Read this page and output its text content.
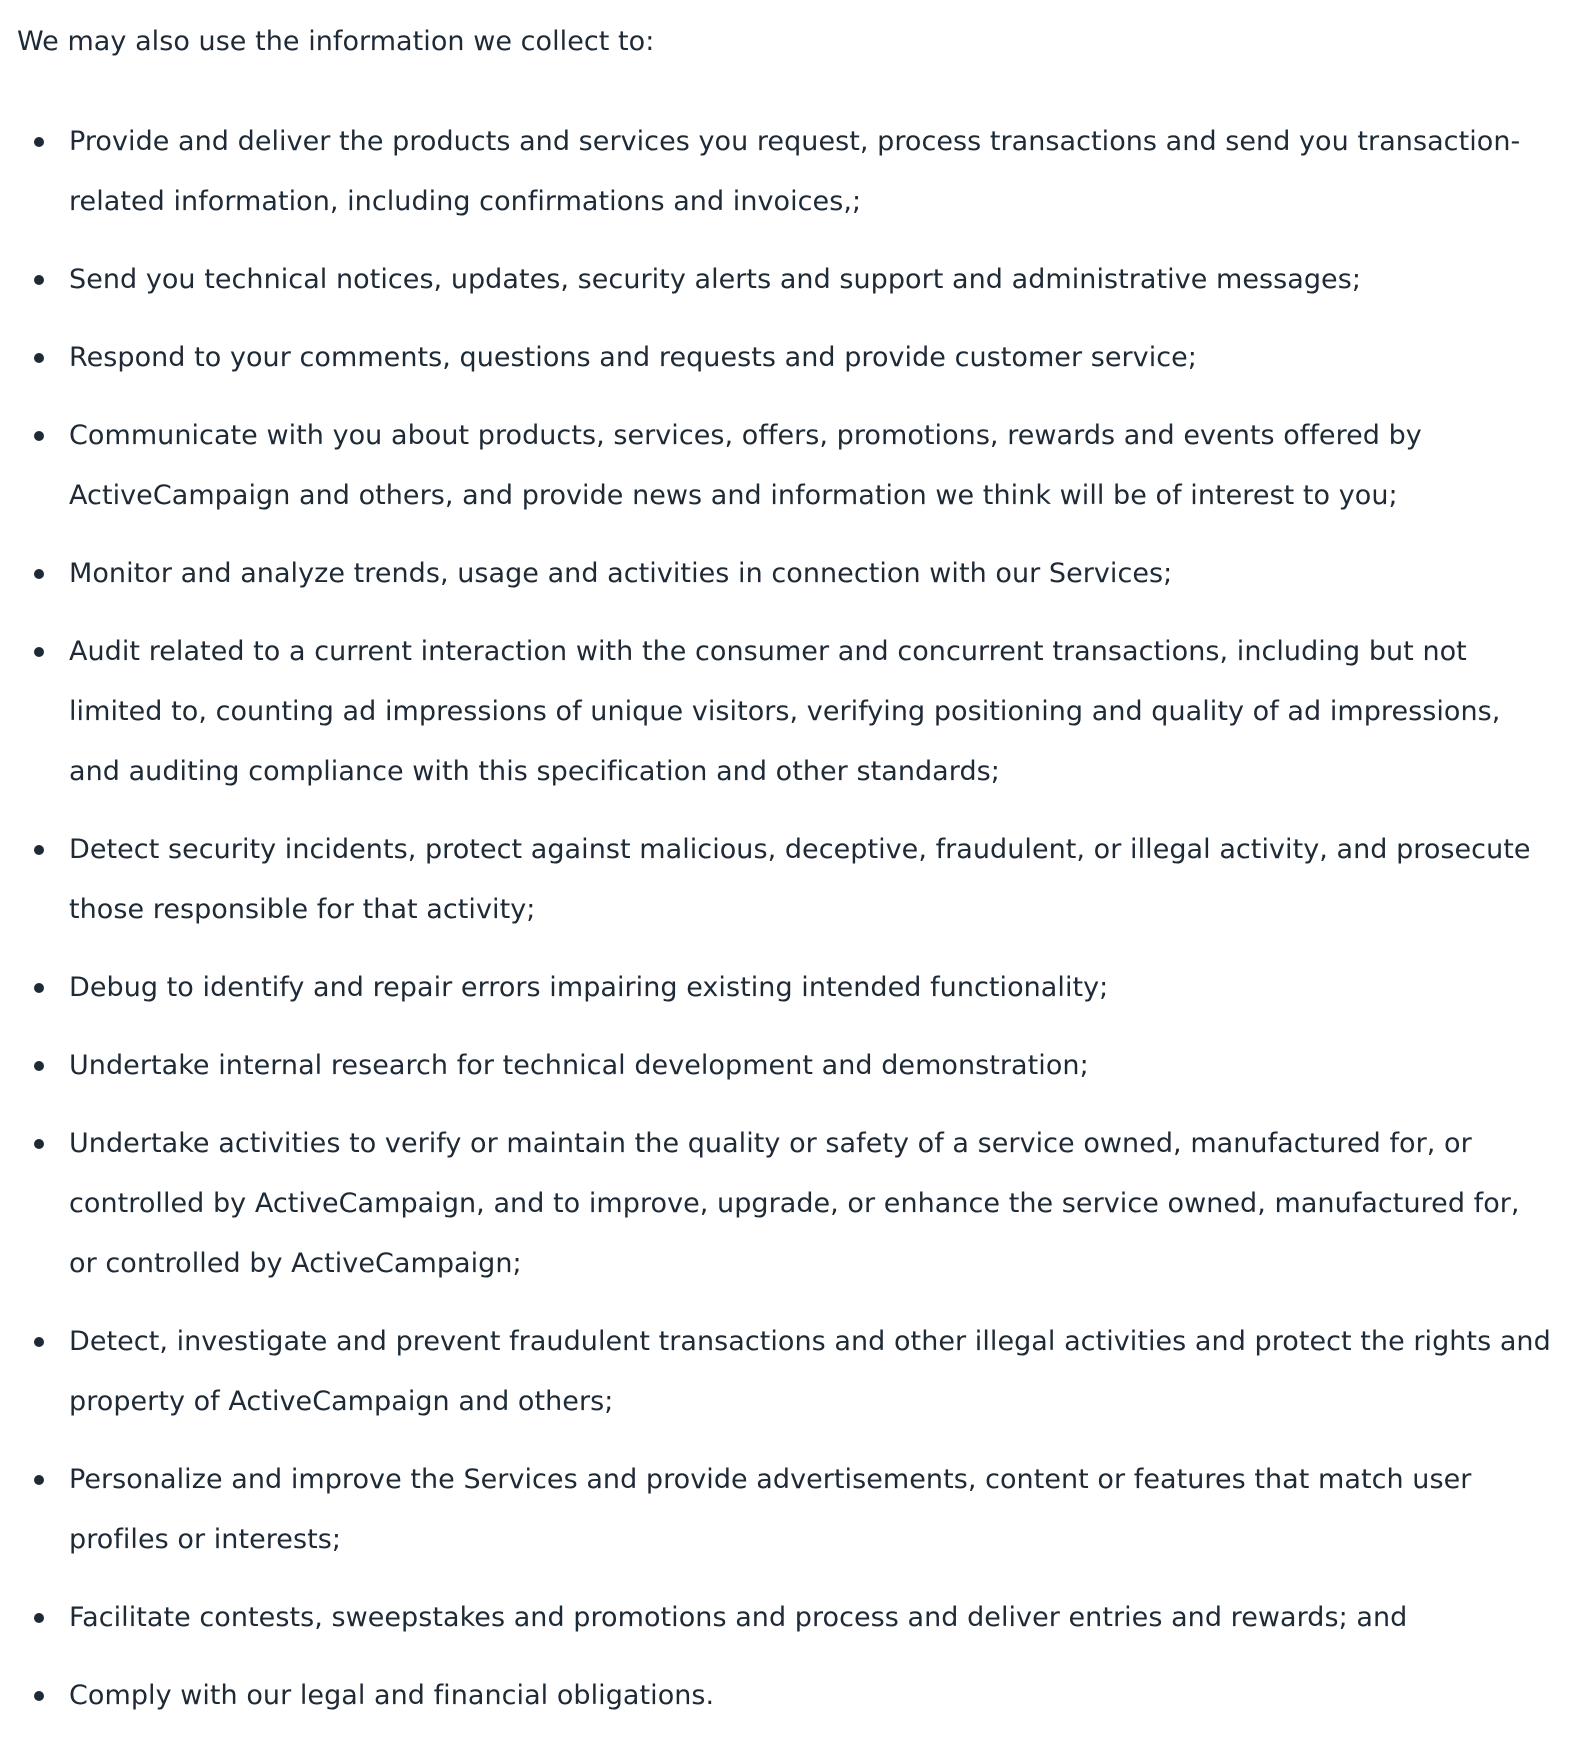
We may also use the information we collect to:

Provide and deliver the products and services you request, process transactions and send you transaction-related information, including confirmations and invoices,;
Send you technical notices, updates, security alerts and support and administrative messages;
Respond to your comments, questions and requests and provide customer service;
Communicate with you about products, services, offers, promotions, rewards and events offered by ActiveCampaign and others, and provide news and information we think will be of interest to you;
Monitor and analyze trends, usage and activities in connection with our Services;
Audit related to a current interaction with the consumer and concurrent transactions, including but not limited to, counting ad impressions of unique visitors, verifying positioning and quality of ad impressions, and auditing compliance with this specification and other standards;
Detect security incidents, protect against malicious, deceptive, fraudulent, or illegal activity, and prosecute those responsible for that activity;
Debug to identify and repair errors impairing existing intended functionality;
Undertake internal research for technical development and demonstration;
Undertake activities to verify or maintain the quality or safety of a service owned, manufactured for, or controlled by ActiveCampaign, and to improve, upgrade, or enhance the service owned, manufactured for, or controlled by ActiveCampaign;
Detect, investigate and prevent fraudulent transactions and other illegal activities and protect the rights and property of ActiveCampaign and others;
Personalize and improve the Services and provide advertisements, content or features that match user profiles or interests;
Facilitate contests, sweepstakes and promotions and process and deliver entries and rewards; and
Comply with our legal and financial obligations.
